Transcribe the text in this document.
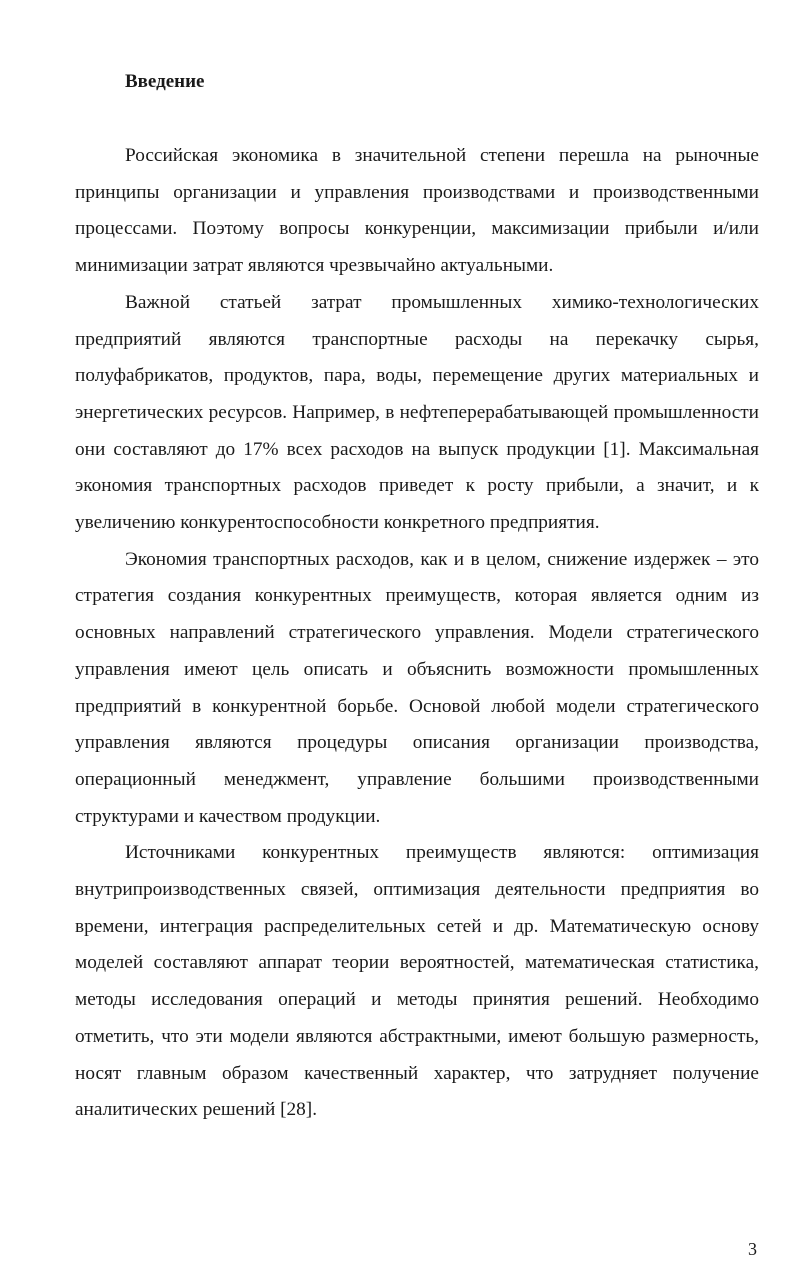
Введение

Российская экономика в значительной степени перешла на рыночные принципы организации и управления производствами и производственными процессами. Поэтому вопросы конкуренции, максимизации прибыли и/или минимизации затрат являются чрезвычайно актуальными.

Важной статьей затрат промышленных химико-технологических предприятий являются транспортные расходы на перекачку сырья, полуфабрикатов, продуктов, пара, воды, перемещение других материальных и энергетических ресурсов. Например, в нефтеперерабатывающей промышленности они составляют до 17% всех расходов на выпуск продукции [1]. Максимальная экономия транспортных расходов приведет к росту прибыли, а значит, и к увеличению конкурентоспособности конкретного предприятия.

Экономия транспортных расходов, как и в целом, снижение издержек – это стратегия создания конкурентных преимуществ, которая является одним из основных направлений стратегического управления. Модели стратегического управления имеют цель описать и объяснить возможности промышленных предприятий в конкурентной борьбе. Основой любой модели стратегического управления являются процедуры описания организации производства, операционный менеджмент, управление большими производственными структурами и качеством продукции.

Источниками конкурентных преимуществ являются: оптимизация внутрипроизводственных связей, оптимизация деятельности предприятия во времени, интеграция распределительных сетей и др. Математическую основу моделей составляют аппарат теории вероятностей, математическая статистика, методы исследования операций и методы принятия решений. Необходимо отметить, что эти модели являются абстрактными, имеют большую размерность, носят главным образом качественный характер, что затрудняет получение аналитических решений [28].

3
